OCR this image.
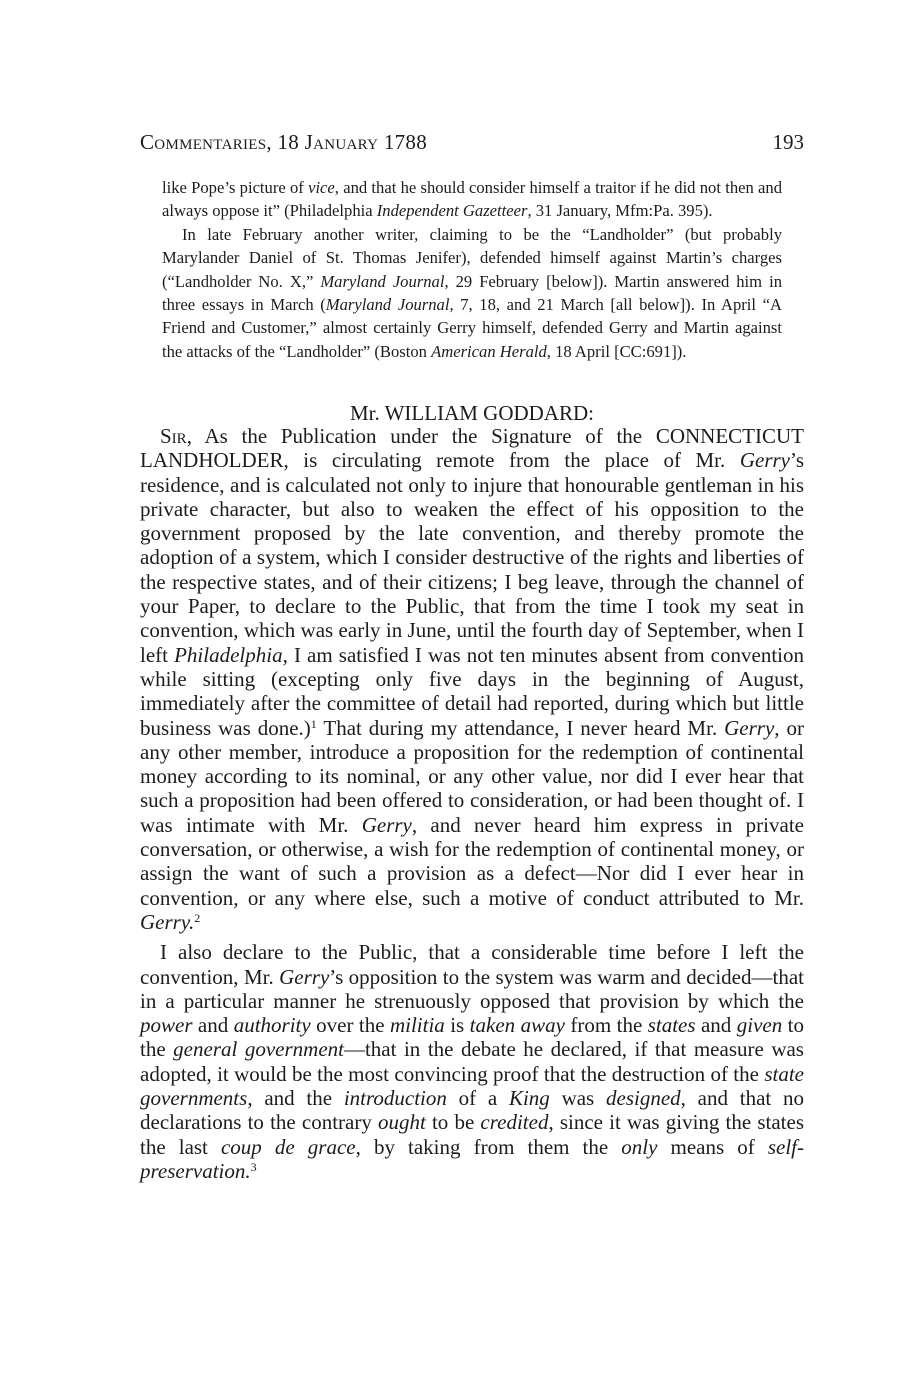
Commentaries, 18 January 1788	193

like Pope’s picture of vice, and that he should consider himself a traitor if he did not then and always oppose it” (Philadelphia Independent Gazetteer, 31 January, Mfm:Pa. 395).

In late February another writer, claiming to be the “Landholder” (but probably Marylander Daniel of St. Thomas Jenifer), defended himself against Martin’s charges (“Landholder No. X,” Maryland Journal, 29 February [below]). Martin answered him in three essays in March (Maryland Journal, 7, 18, and 21 March [all below]). In April “A Friend and Customer,” almost certainly Gerry himself, defended Gerry and Martin against the attacks of the “Landholder” (Boston American Herald, 18 April [CC:691]).

Mr. WILLIAM GODDARD:

Sir, As the Publication under the Signature of the CONNECTICUT LANDHOLDER, is circulating remote from the place of Mr. Gerry’s residence, and is calculated not only to injure that honourable gentleman in his private character, but also to weaken the effect of his opposition to the government proposed by the late convention, and thereby promote the adoption of a system, which I consider destructive of the rights and liberties of the respective states, and of their citizens; I beg leave, through the channel of your Paper, to declare to the Public, that from the time I took my seat in convention, which was early in June, until the fourth day of September, when I left Philadelphia, I am satisfied I was not ten minutes absent from convention while sitting (excepting only five days in the beginning of August, immediately after the committee of detail had reported, during which but little business was done.)$^1$ That during my attendance, I never heard Mr. Gerry, or any other member, introduce a proposition for the redemption of continental money according to its nominal, or any other value, nor did I ever hear that such a proposition had been offered to consideration, or had been thought of. I was intimate with Mr. Gerry, and never heard him express in private conversation, or otherwise, a wish for the redemption of continental money, or assign the want of such a provision as a defect—Nor did I ever hear in convention, or any where else, such a motive of conduct attributed to Mr. Gerry.$^2$

I also declare to the Public, that a considerable time before I left the convention, Mr. Gerry’s opposition to the system was warm and decided—that in a particular manner he strenuously opposed that provision by which the power and authority over the militia is taken away from the states and given to the general government—that in the debate he declared, if that measure was adopted, it would be the most convincing proof that the destruction of the state governments, and the introduction of a King was designed, and that no declarations to the contrary ought to be credited, since it was giving the states the last coup de grace, by taking from them the only means of self-preservation.$^3$
